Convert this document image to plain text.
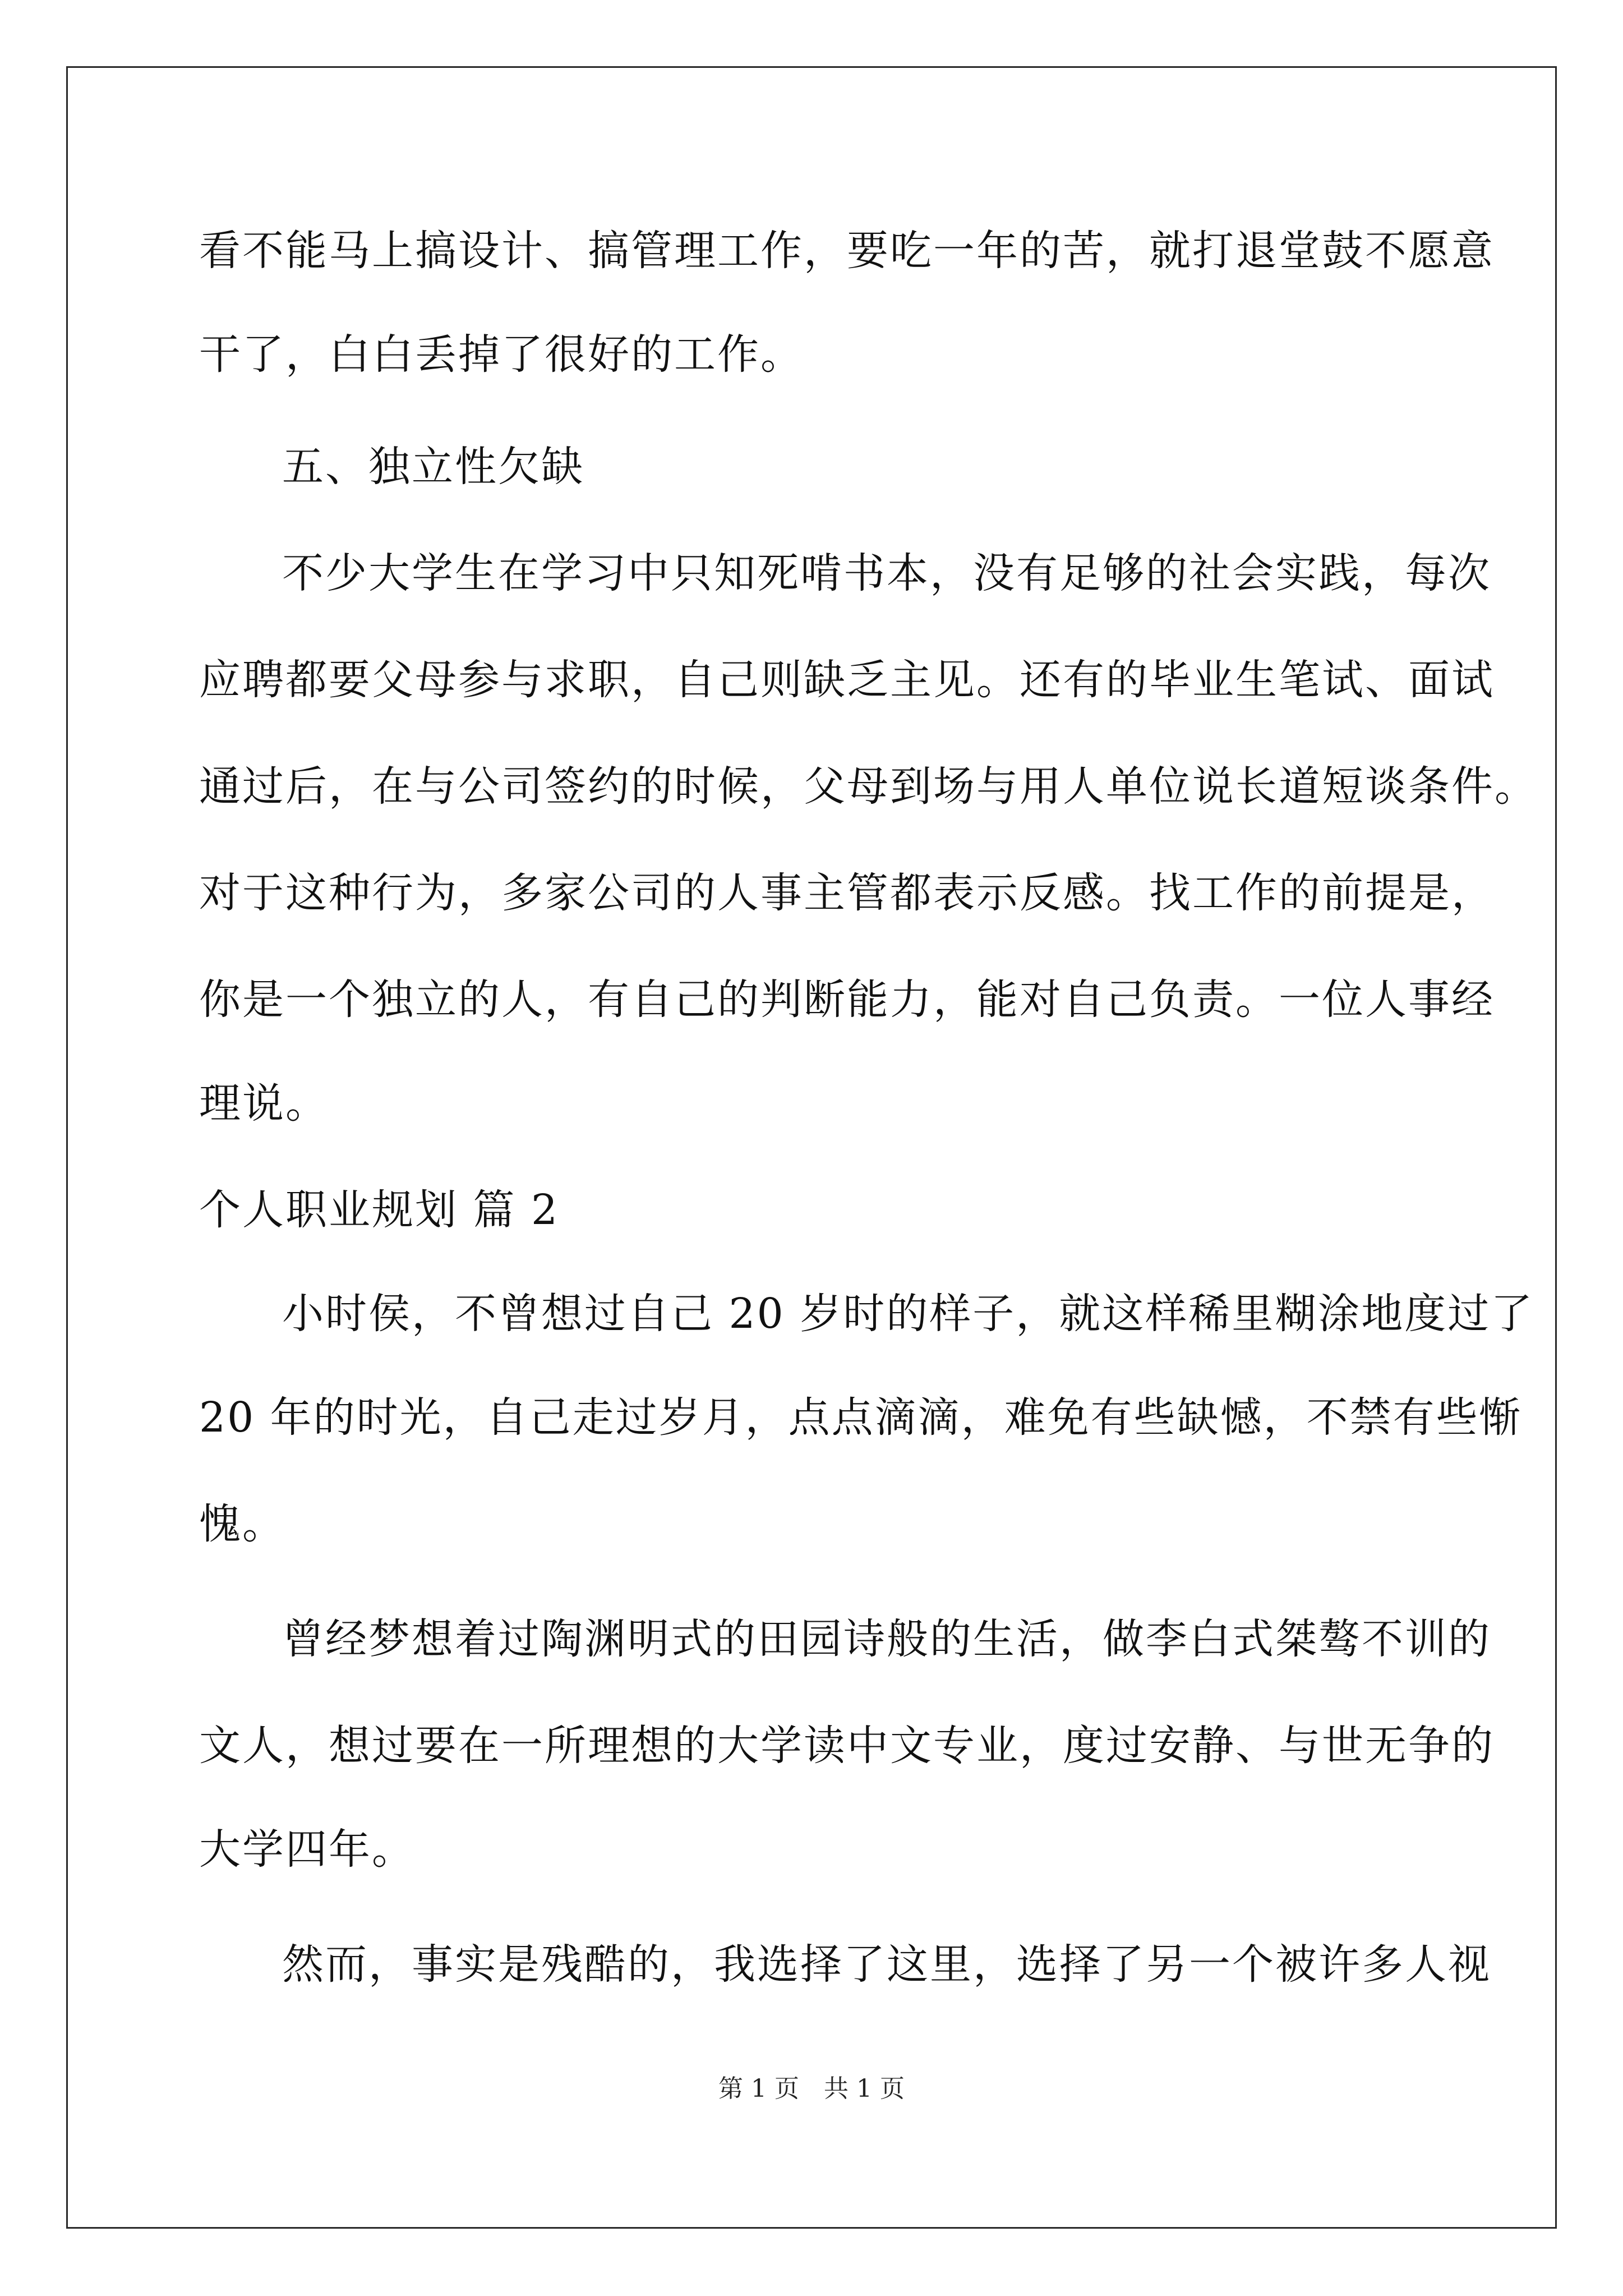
看不能马上搞设计、搞管理工作，要吃一年的苦，就打退堂鼓不愿意
干了，白白丢掉了很好的工作。
五、独立性欠缺
不少大学生在学习中只知死啃书本，没有足够的社会实践，每次
应聘都要父母参与求职，自己则缺乏主见。还有的毕业生笔试、面试
通过后，在与公司签约的时候，父母到场与用人单位说长道短谈条件。
对于这种行为，多家公司的人事主管都表示反感。找工作的前提是，
你是一个独立的人，有自己的判断能力，能对自己负责。一位人事经
理说。
个人职业规划 篇 2
小时侯，不曾想过自己 20 岁时的样子，就这样稀里糊涂地度过了
20 年的时光，自己走过岁月，点点滴滴，难免有些缺憾，不禁有些惭
愧。
曾经梦想着过陶渊明式的田园诗般的生活，做李白式桀骜不训的
文人，想过要在一所理想的大学读中文专业，度过安静、与世无争的
大学四年。
然而，事实是残酷的，我选择了这里，选择了另一个被许多人视
第 1 页　共 1 页
